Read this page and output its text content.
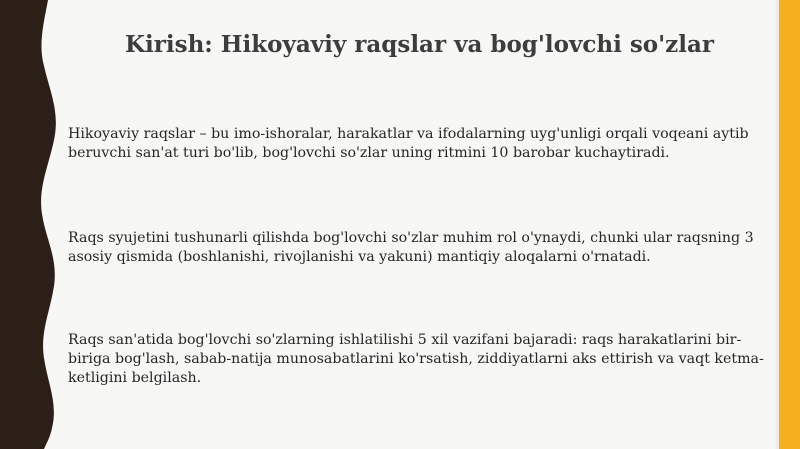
Kirish: Hikoyaviy raqslar va bog'lovchi so'zlar

Hikoyaviy raqslar – bu imo-ishoralar, harakatlar va ifodalarning uyg'unligi orqali voqeani aytib beruvchi san'at turi bo'lib, bog'lovchi so'zlar uning ritmini 10 barobar kuchaytiradi.

Raqs syujetini tushunarli qilishda bog'lovchi so'zlar muhim rol o'ynaydi, chunki ular raqsning 3 asosiy qismida (boshlanishi, rivojlanishi va yakuni) mantiqiy aloqalarni o'rnatadi.

Raqs san'atida bog'lovchi so'zlarning ishlatilishi 5 xil vazifani bajaradi: raqs harakatlarini bir-biriga bog'lash, sabab-natija munosabatlarini ko'rsatish, ziddiyatlarni aks ettirish va vaqt ketma-ketligini belgilash.
